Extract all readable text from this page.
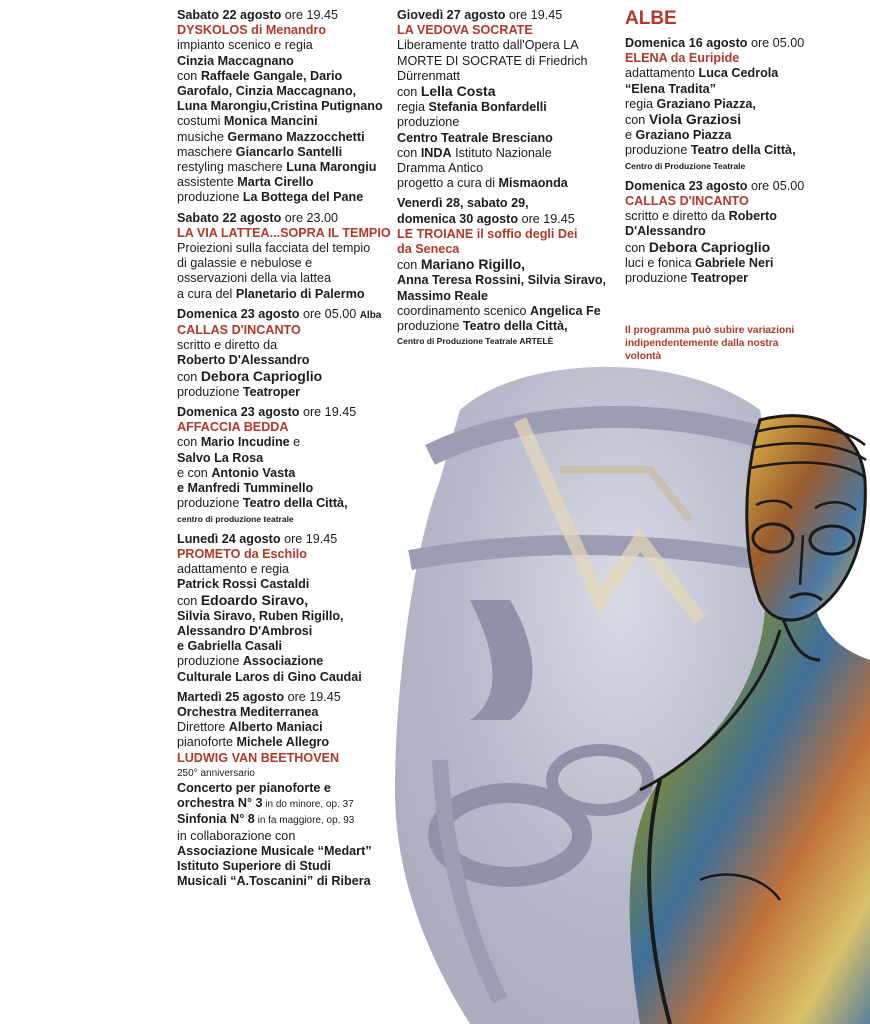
Sabato 22 agosto ore 19.45
DYSKOLOS di Menandro
impianto scenico e regia
Cinzia Maccagnano
con Raffaele Gangale, Dario
Garofalo, Cinzia Maccagnano,
Luna Marongiu,Cristina Putignano
costumi Monica Mancini
musiche Germano Mazzocchetti
maschere Giancarlo Santelli
restyling maschere Luna Marongiu
assistente Marta Cirello
produzione La Bottega del Pane
Sabato 22 agosto ore 23.00
LA VIA LATTEA...SOPRA IL TEMPIO
Proiezioni sulla facciata del tempio
di galassie e nebulose e
osservazioni della via lattea
a cura del Planetario di Palermo
Domenica 23 agosto ore 05.00 Alba
CALLAS D'INCANTO
scritto e diretto da
Roberto D'Alessandro
con Debora Caprioglio
produzione Teatroper
Domenica 23 agosto ore 19.45
AFFACCIA BEDDA
con Mario Incudine e
Salvo La Rosa
e con Antonio Vasta
e Manfredi Tumminello
produzione Teatro della Città,
centro di produzione teatrale
Lunedì 24 agosto ore 19.45
PROMETO da Eschilo
adattamento e regia
Patrick Rossi Castaldi
con Edoardo Siravo,
Silvia Siravo, Ruben Rigillo,
Alessandro D'Ambrosi
e Gabriella Casali
produzione Associazione
Culturale Laros di Gino Caudai
Martedì 25 agosto ore 19.45
Orchestra Mediterranea
Direttore Alberto Maniaci
pianoforte Michele Allegro
LUDWIG VAN BEETHOVEN
250° anniversario
Concerto per pianoforte e
orchestra N° 3 in do minore, op. 37
Sinfonia N° 8 in fa maggiore, op. 93
in collaborazione con
Associazione Musicale “Medart”
Istituto Superiore di Studi
Musicali “A.Toscanini” di Ribera
Giovedì 27 agosto ore 19.45
LA VEDOVA SOCRATE
Liberamente tratto dall'Opera LA
MORTE DI SOCRATE di Friedrich
Dürrenmatt
con Lella Costa
regia Stefania Bonfardelli
produzione
Centro Teatrale Bresciano
con INDA Istituto Nazionale
Dramma Antico
progetto a cura di Mismaonda
Venerdì 28, sabato 29,
domenica 30 agosto ore 19.45
LE TROIANE il soffio degli Dei
da Seneca
con Mariano Rigillo,
Anna Teresa Rossini, Silvia Siravo,
Massimo Reale
coordinamento scenico Angelica Fe
produzione Teatro della Città,
Centro di Produzione Teatrale ARTELÈ
ALBE
Domenica 16 agosto ore 05.00
ELENA da Euripide
adattamento Luca Cedrola
“Elena Tradita”
regia Graziano Piazza,
con Viola Graziosi
e Graziano Piazza
produzione Teatro della Città,
Centro di Produzione Teatrale
Domenica 23 agosto ore 05.00
CALLAS D'INCANTO
scritto e diretto da Roberto
D'Alessandro
con Debora Caprioglio
luci e fonica Gabriele Neri
produzione Teatroper
Il programma può subire variazioni
indipendentemente dalla nostra
volontà
